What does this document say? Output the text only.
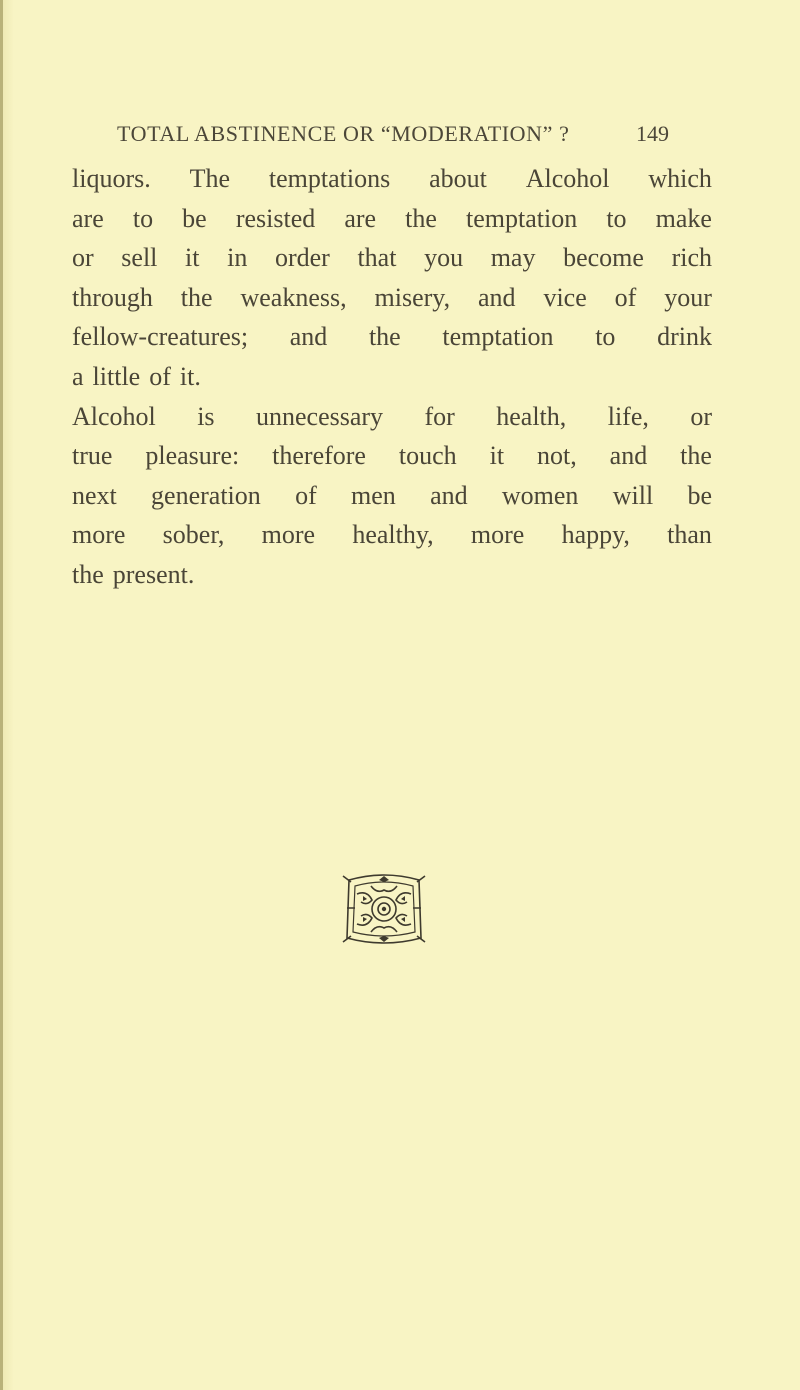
TOTAL ABSTINENCE OR “MODERATION” ?	149
liquors. The temptations about Alcohol which
are to be resisted are the temptation to make
or sell it in order that you may become rich
through the weakness, misery, and vice of your
fellow-creatures; and the temptation to drink
a little of it.
Alcohol is unnecessary for health, life, or
true pleasure: therefore touch it not, and the
next generation of men and women will be
more sober, more healthy, more happy, than
the present.
